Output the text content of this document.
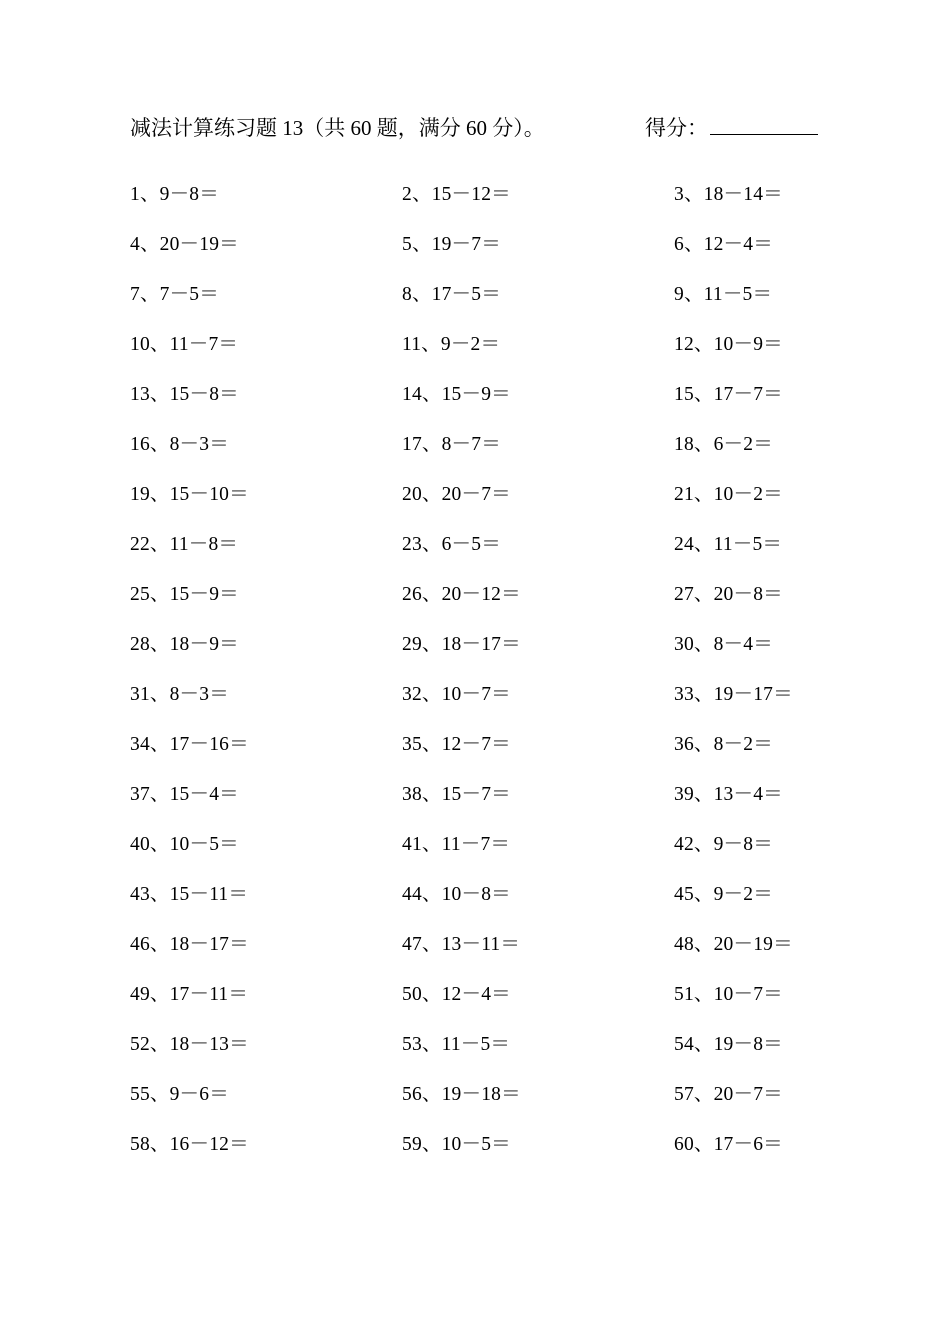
减法计算练习题 13（共 60 题，满分 60 分）。	得分：
1、9－8＝	2、15－12＝	3、18－14＝
4、20－19＝	5、19－7＝	6、12－4＝
7、7－5＝	8、17－5＝	9、11－5＝
10、11－7＝	11、9－2＝	12、10－9＝
13、15－8＝	14、15－9＝	15、17－7＝
16、8－3＝	17、8－7＝	18、6－2＝
19、15－10＝	20、20－7＝	21、10－2＝
22、11－8＝	23、6－5＝	24、11－5＝
25、15－9＝	26、20－12＝	27、20－8＝
28、18－9＝	29、18－17＝	30、8－4＝
31、8－3＝	32、10－7＝	33、19－17＝
34、17－16＝	35、12－7＝	36、8－2＝
37、15－4＝	38、15－7＝	39、13－4＝
40、10－5＝	41、11－7＝	42、9－8＝
43、15－11＝	44、10－8＝	45、9－2＝
46、18－17＝	47、13－11＝	48、20－19＝
49、17－11＝	50、12－4＝	51、10－7＝
52、18－13＝	53、11－5＝	54、19－8＝
55、9－6＝	56、19－18＝	57、20－7＝
58、16－12＝	59、10－5＝	60、17－6＝
